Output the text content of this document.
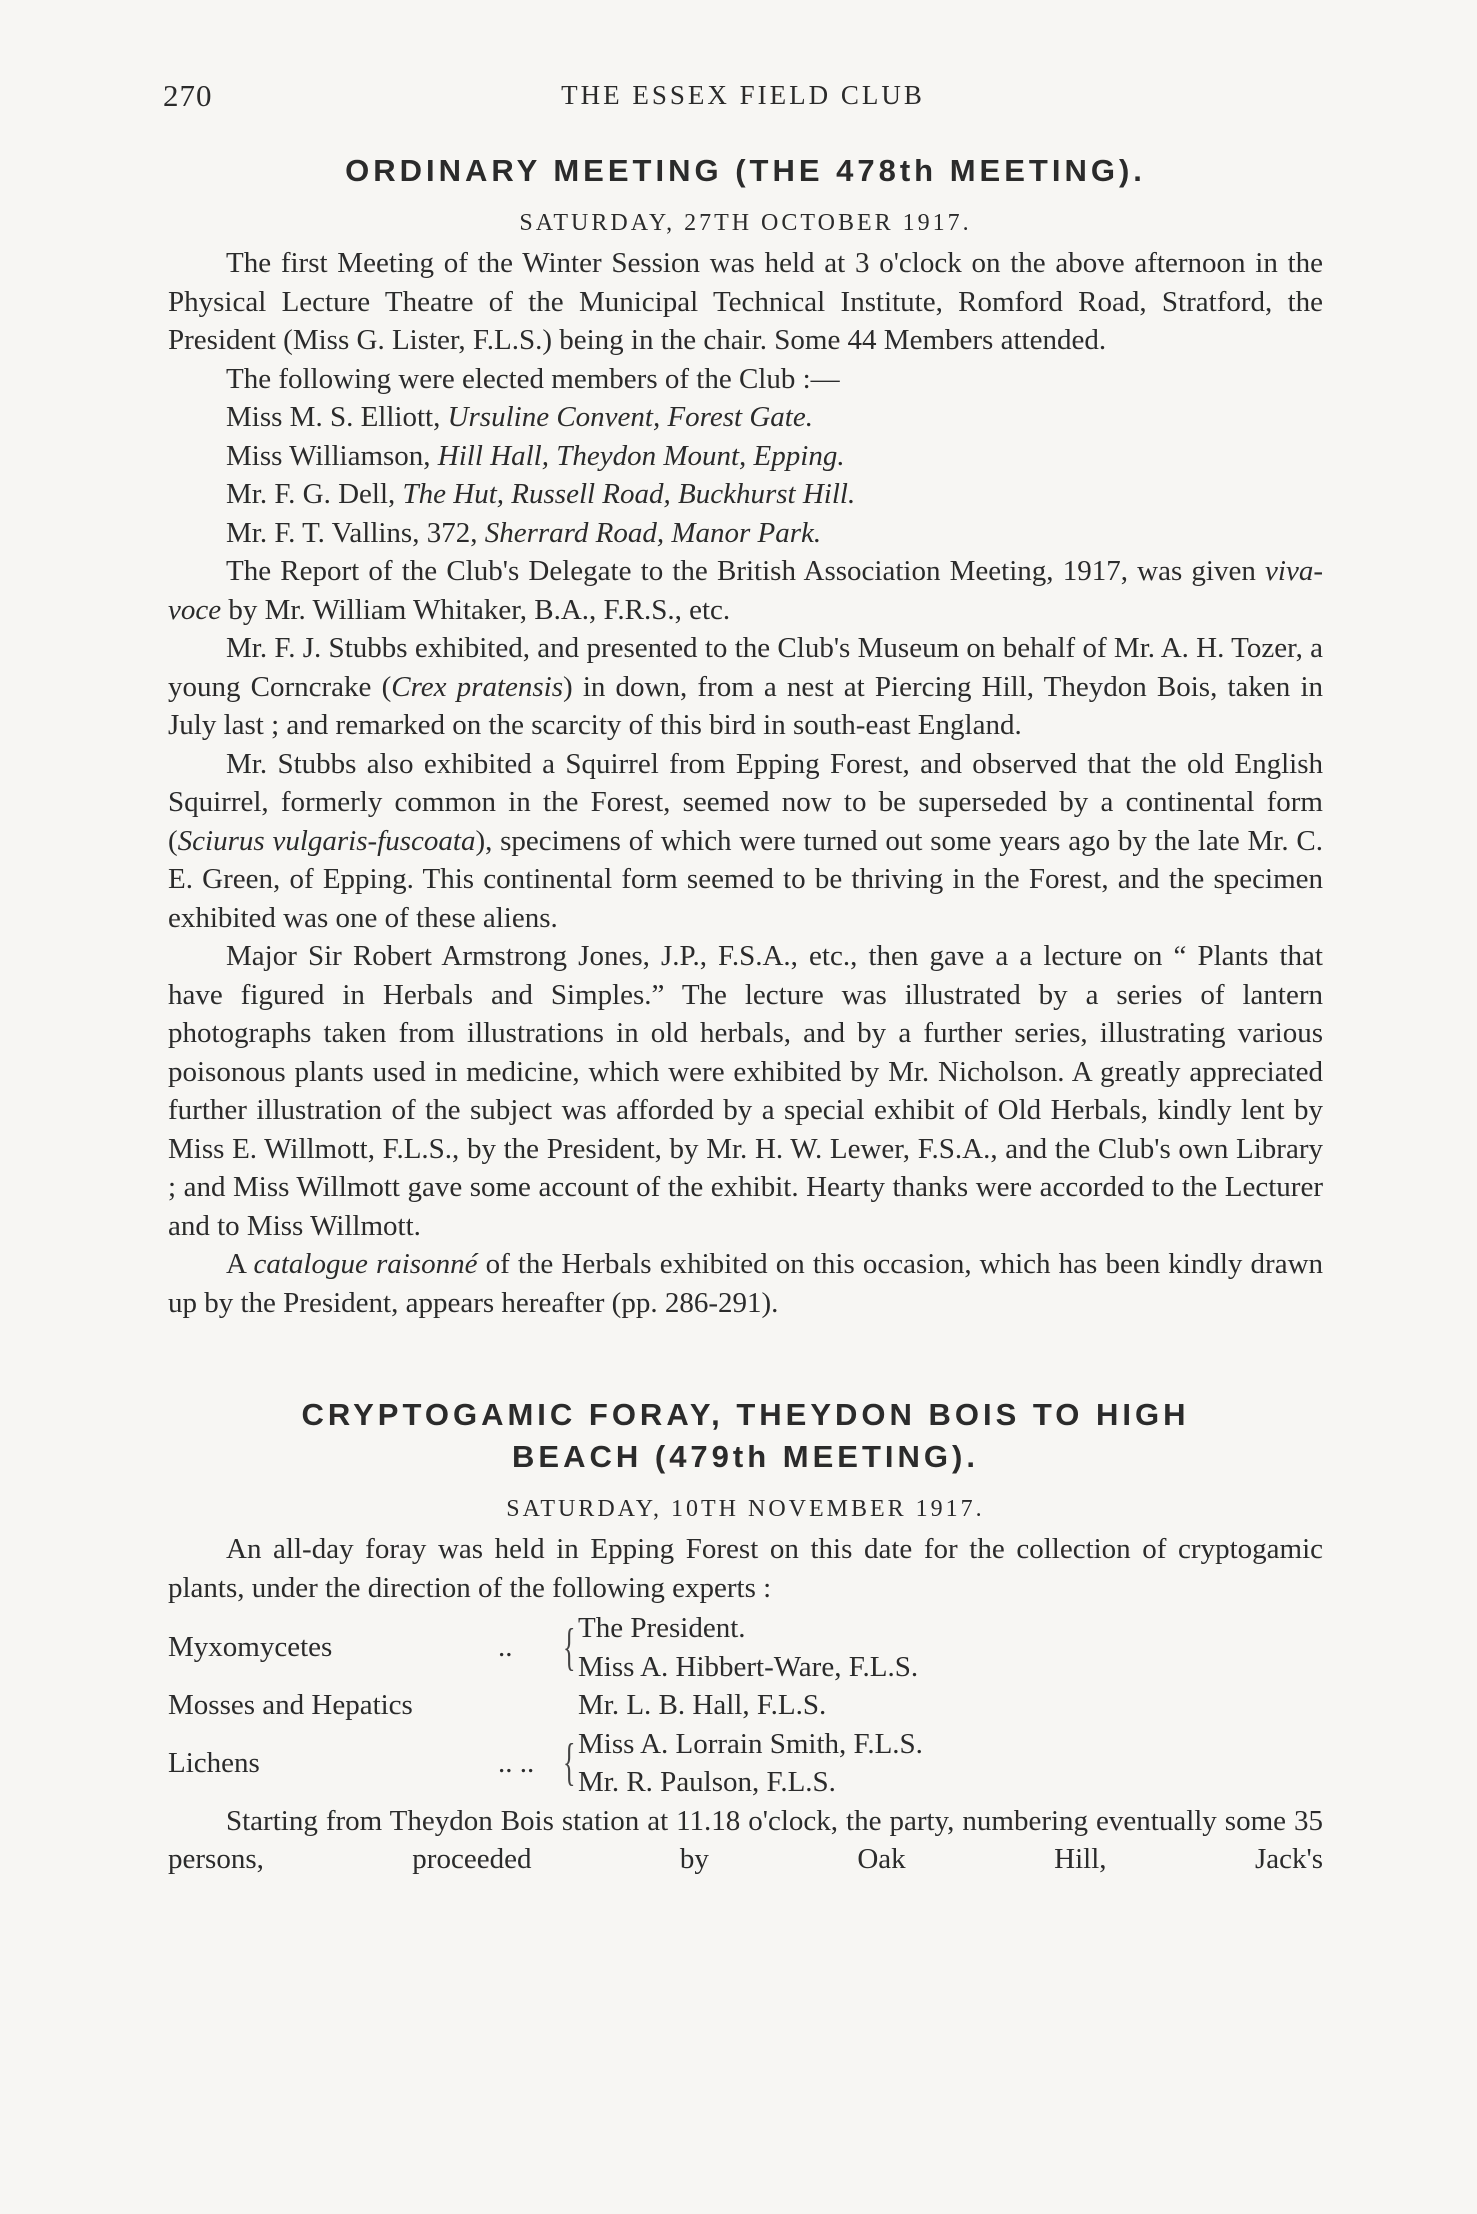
270	THE ESSEX FIELD CLUB
ORDINARY MEETING (THE 478th MEETING).
SATURDAY, 27TH OCTOBER 1917.

The first Meeting of the Winter Session was held at 3 o'clock on the above afternoon in the Physical Lecture Theatre of the Municipal Technical Institute, Romford Road, Stratford, the President (Miss G. Lister, F.L.S.) being in the chair. Some 44 Members attended.

The following were elected members of the Club :—

Miss M. S. Elliott, Ursuline Convent, Forest Gate.
Miss Williamson, Hill Hall, Theydon Mount, Epping.
Mr. F. G. Dell, The Hut, Russell Road, Buckhurst Hill.
Mr. F. T. Vallins, 372, Sherrard Road, Manor Park.

The Report of the Club's Delegate to the British Association Meeting, 1917, was given viva-voce by Mr. William Whitaker, B.A., F.R.S., etc.

Mr. F. J. Stubbs exhibited, and presented to the Club's Museum on behalf of Mr. A. H. Tozer, a young Corncrake (Crex pratensis) in down, from a nest at Piercing Hill, Theydon Bois, taken in July last ; and remarked on the scarcity of this bird in south-east England.

Mr. Stubbs also exhibited a Squirrel from Epping Forest, and observed that the old English Squirrel, formerly common in the Forest, seemed now to be superseded by a continental form (Sciurus vulgaris-fuscoata), specimens of which were turned out some years ago by the late Mr. C. E. Green, of Epping. This continental form seemed to be thriving in the Forest, and the specimen exhibited was one of these aliens.

Major Sir Robert Armstrong Jones, J.P., F.S.A., etc., then gave a a lecture on “ Plants that have figured in Herbals and Simples.” The lecture was illustrated by a series of lantern photographs taken from illustrations in old herbals, and by a further series, illustrating various poisonous plants used in medicine, which were exhibited by Mr. Nicholson. A greatly appreciated further illustration of the subject was afforded by a special exhibit of Old Herbals, kindly lent by Miss E. Willmott, F.L.S., by the President, by Mr. H. W. Lewer, F.S.A., and the Club's own Library ; and Miss Willmott gave some account of the exhibit. Hearty thanks were accorded to the Lecturer and to Miss Willmott.

A catalogue raisonné of the Herbals exhibited on this occasion, which has been kindly drawn up by the President, appears hereafter (pp. 286-291).

CRYPTOGAMIC FORAY, THEYDON BOIS TO HIGH
BEACH (479th MEETING).
SATURDAY, 10TH NOVEMBER 1917.

An all-day foray was held in Epping Forest on this date for the collection of cryptogamic plants, under the direction of the following experts :

Myxomycetes	.. { The President.
Miss A. Hibbert-Ware, F.L.S.
Mosses and Hepatics	Mr. L. B. Hall, F.L.S.
Lichens	.. .. { Miss A. Lorrain Smith, F.L.S.
Mr. R. Paulson, F.L.S.

Starting from Theydon Bois station at 11.18 o'clock, the party, numbering eventually some 35 persons, proceeded by Oak Hill, Jack's
